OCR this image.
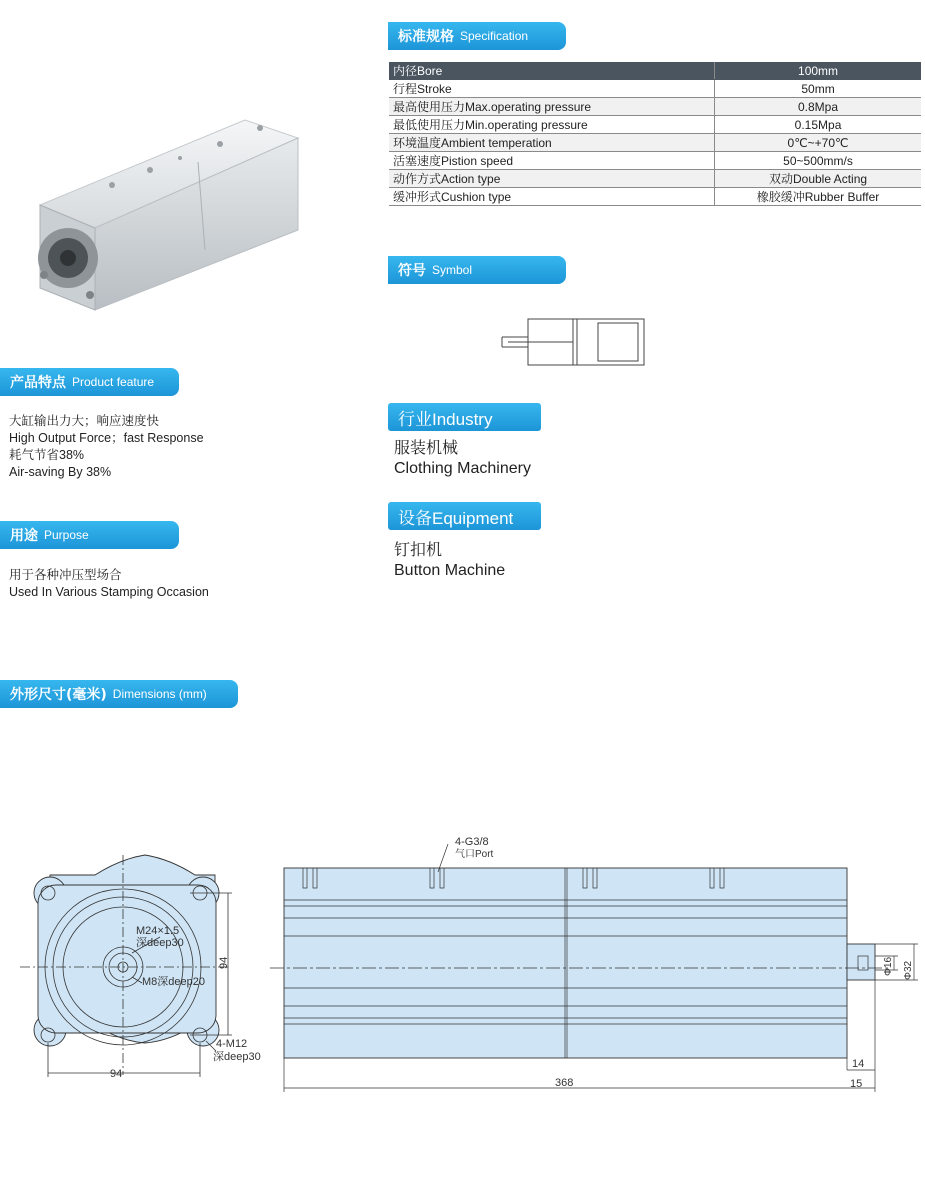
产品特点 Product feature
大缸输出力大；响应速度快
High Output Force；fast Response
耗气节省38%
Air-saving By 38%
用途 Purpose
用于各种冲压型场合
Used In Various Stamping Occasion
外形尺寸(毫米) Dimensions (mm)
标准规格 Specification
内径Bore	100mm
行程Stroke	50mm
最高使用压力Max.operating pressure	0.8Mpa
最低使用压力Min.operating pressure	0.15Mpa
环境温度Ambient temperation	0℃~+70℃
活塞速度Pistion speed	50~500mm/s
动作方式Action type	双动Double Acting
缓冲形式Cushion type	橡胶缓冲Rubber Buffer
符号 Symbol
行业Industry
服装机械
Clothing Machinery
设备Equipment
钉扣机
Button Machine
94
94
M24×1.5
深deep30
M8深deep20
4-M12
深deep30
4-G3/8
气口Port
368
14
15
Φ16 Φ32
